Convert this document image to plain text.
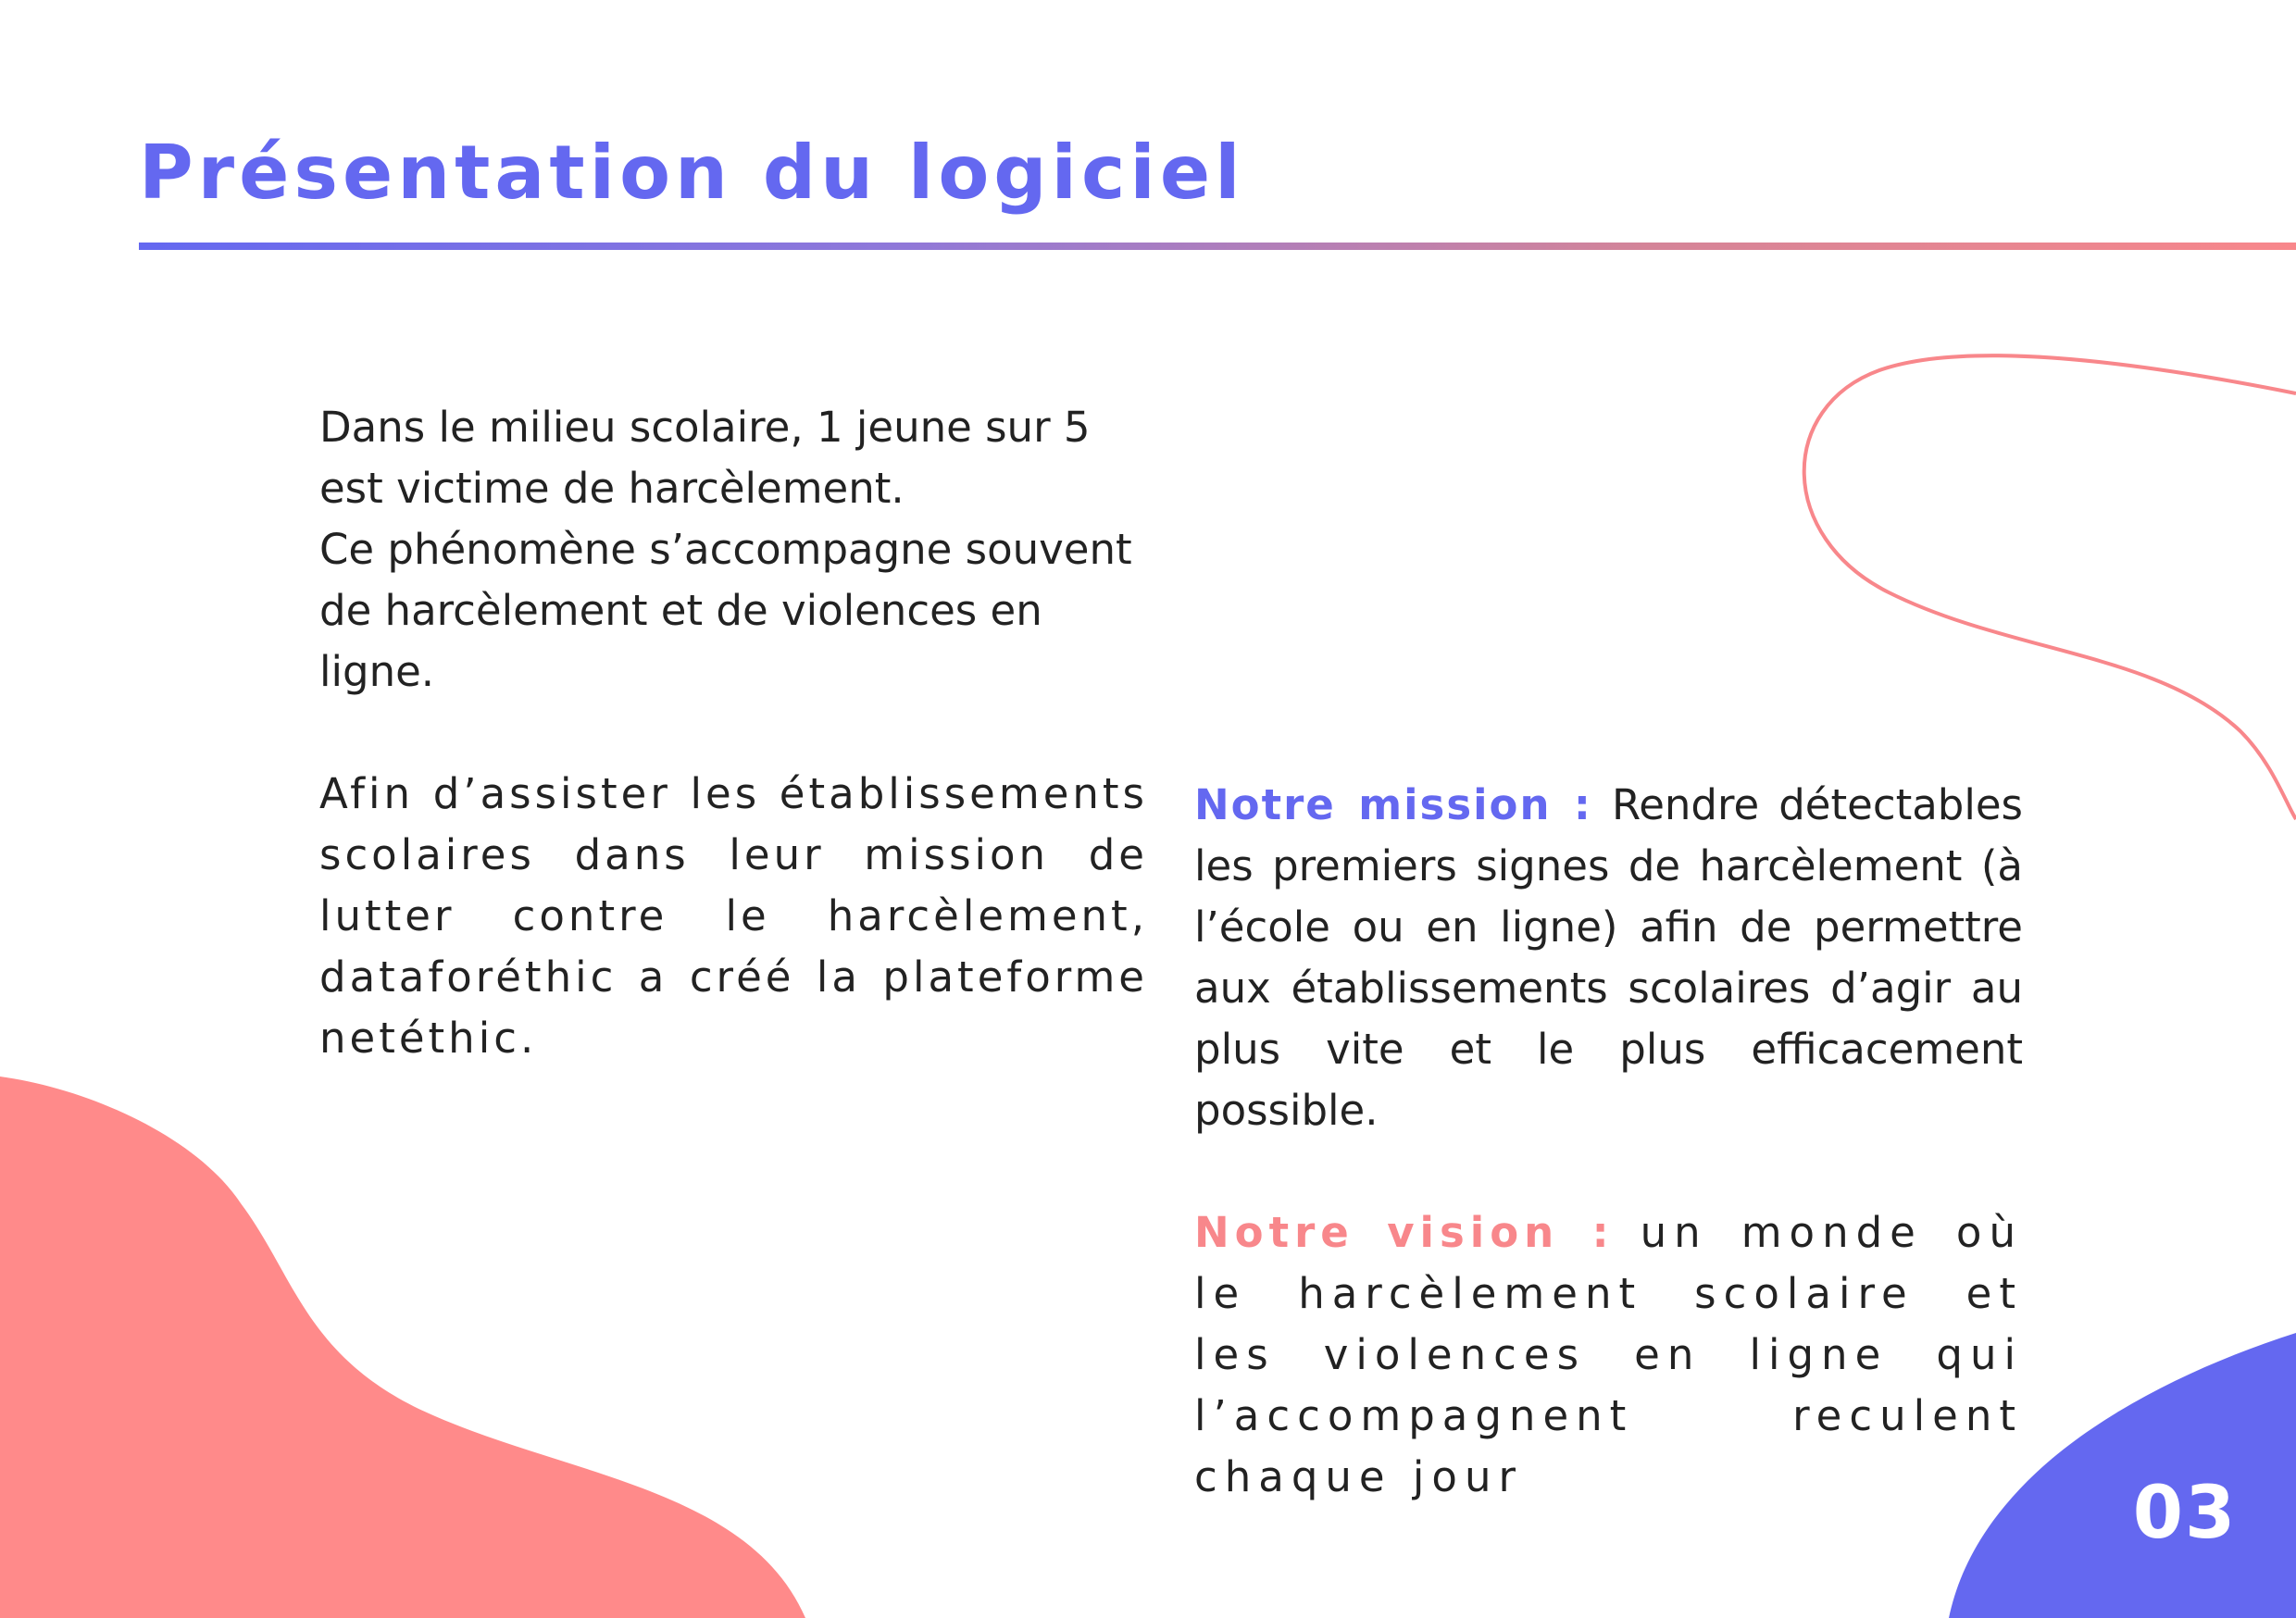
Présentation du logiciel

Dans le milieu scolaire, 1 jeune sur 5 est victime de harcèlement.

Ce phénomène s’accompagne souvent de harcèlement et de violences en ligne.

Afin d’assister les établissements scolaires dans leur mission de lutter contre le harcèlement, dataforéthic a créé la plateforme netéthic.

Notre mission : Rendre détectables les premiers signes de harcèlement (à l’école ou en ligne) afin de permettre aux établissements scolaires d’agir au plus vite et le plus efficacement possible.

Notre vision : un monde où le harcèlement scolaire et les violences en ligne qui l’accompagnent reculent chaque jour	03
